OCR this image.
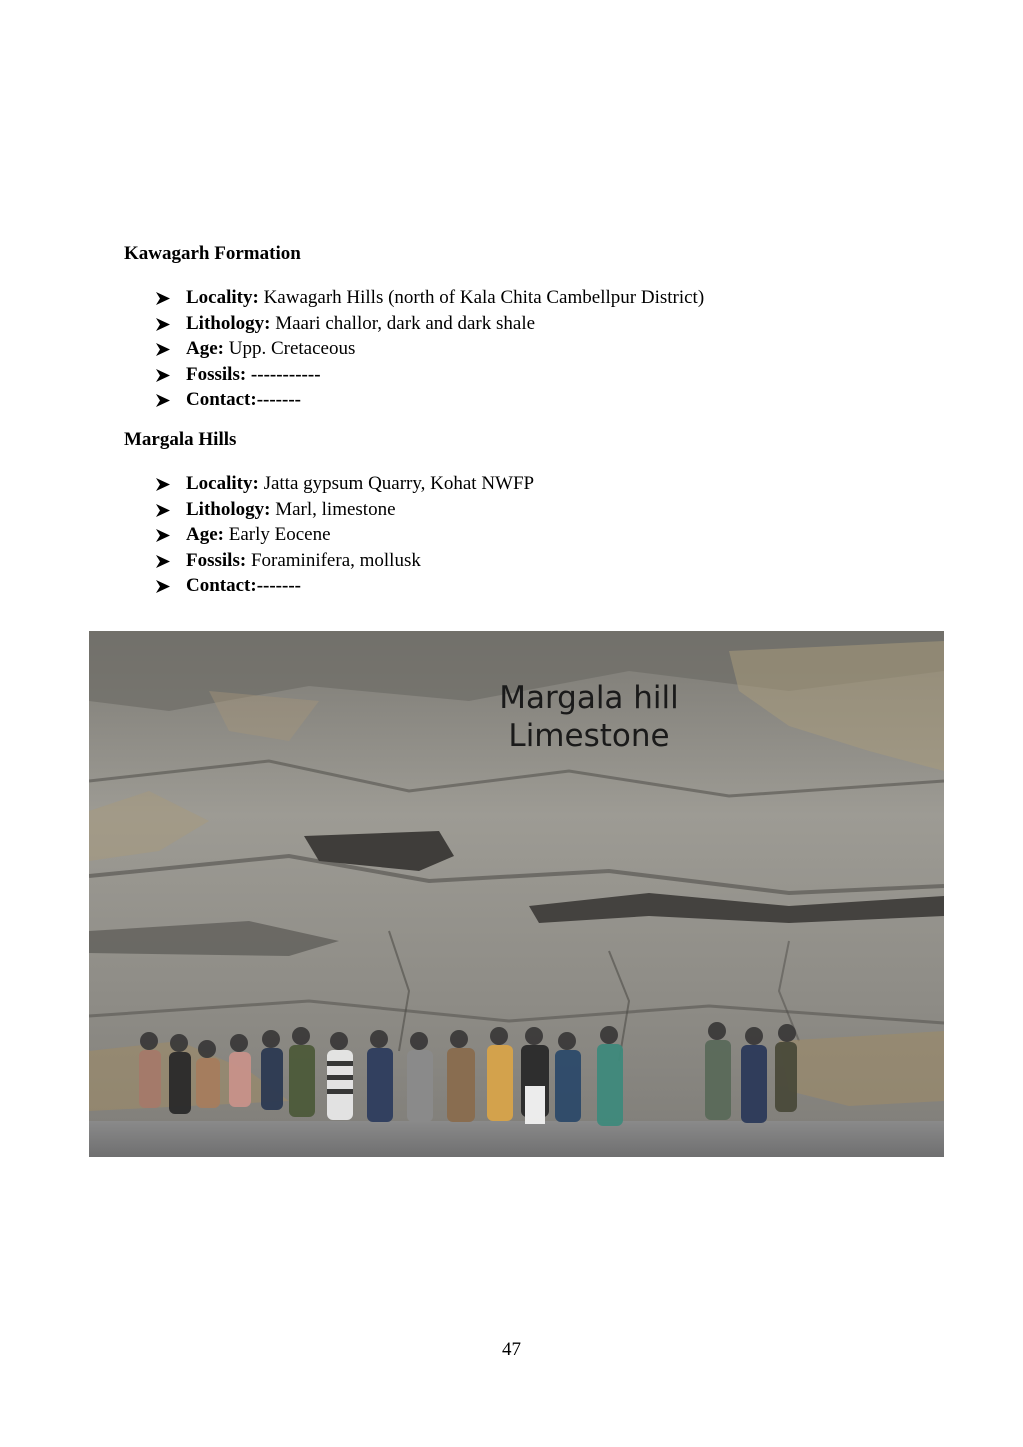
Kawagarh Formation
Locality: Kawagarh Hills (north of Kala Chita Cambellpur District)
Lithology: Maari challor, dark and dark shale
Age: Upp. Cretaceous
Fossils: -----------
Contact:-------
Margala Hills
Locality: Jatta gypsum Quarry, Kohat NWFP
Lithology: Marl, limestone
Age: Early Eocene
Fossils: Foraminifera, mollusk
Contact:-------
Margala hill
Limestone
47
